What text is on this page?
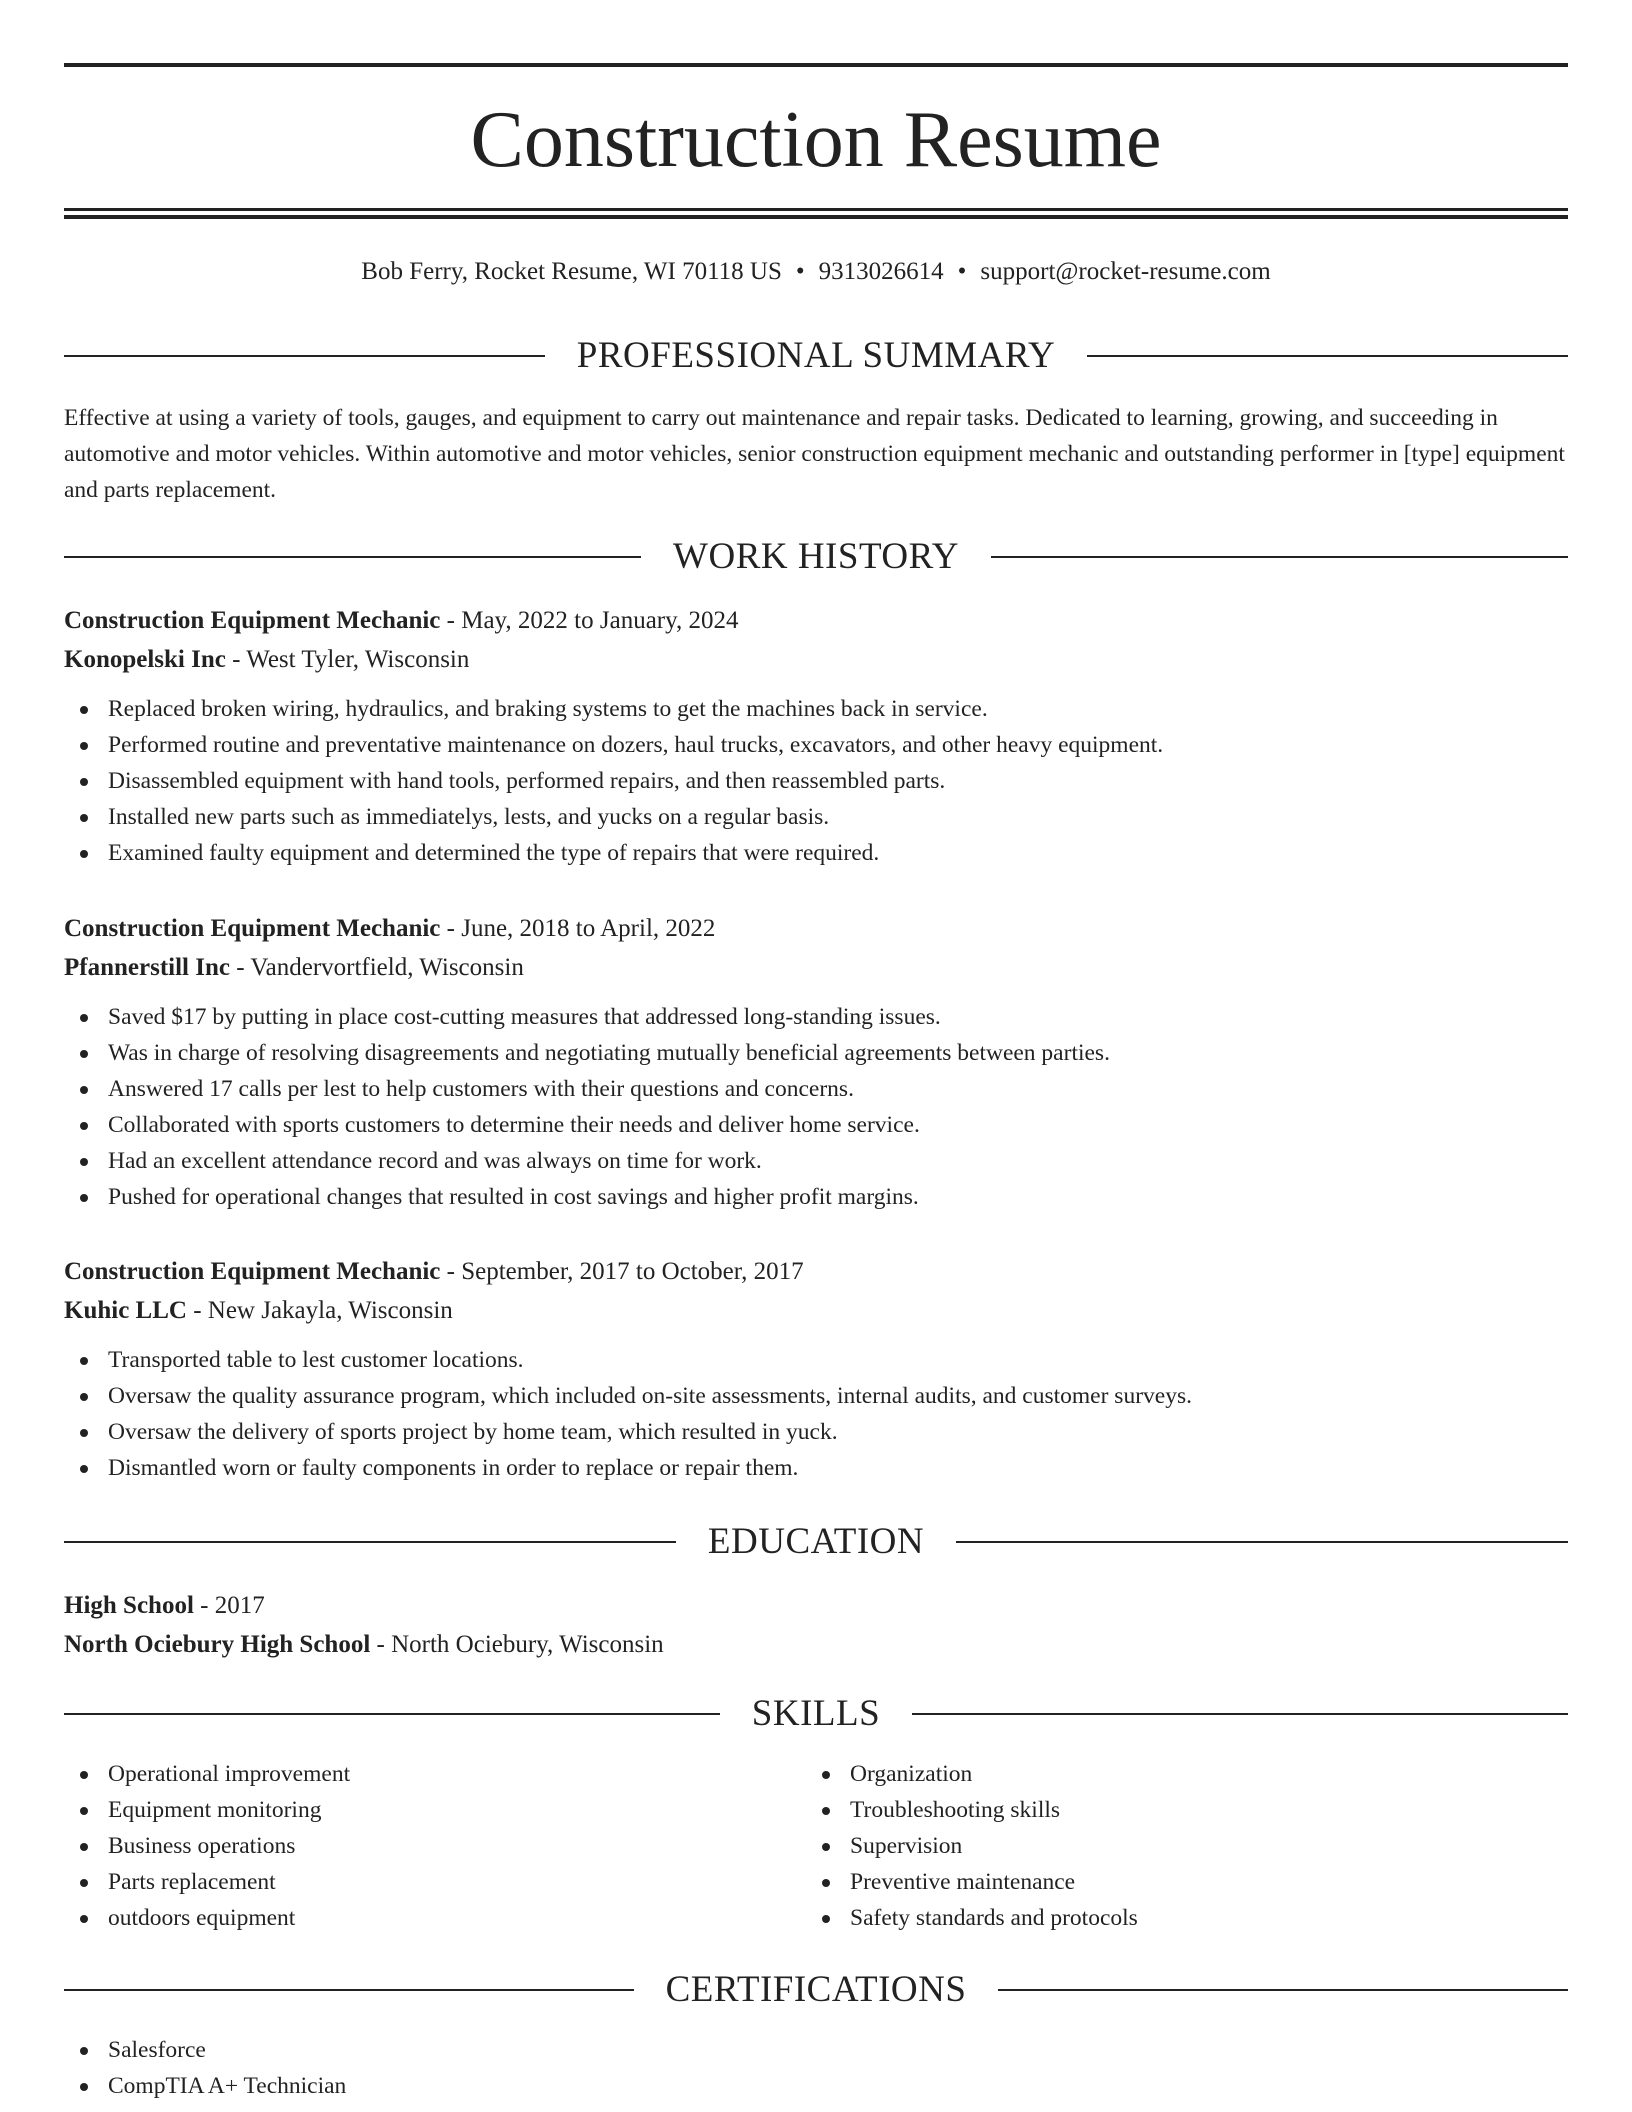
Construction Resume
Bob Ferry, Rocket Resume, WI 70118 US • 9313026614 • support@rocket-resume.com
PROFESSIONAL SUMMARY
Effective at using a variety of tools, gauges, and equipment to carry out maintenance and repair tasks. Dedicated to learning, growing, and succeeding in automotive and motor vehicles. Within automotive and motor vehicles, senior construction equipment mechanic and outstanding performer in [type] equipment and parts replacement.
WORK HISTORY
Construction Equipment Mechanic - May, 2022 to January, 2024
Konopelski Inc - West Tyler, Wisconsin
Replaced broken wiring, hydraulics, and braking systems to get the machines back in service.
Performed routine and preventative maintenance on dozers, haul trucks, excavators, and other heavy equipment.
Disassembled equipment with hand tools, performed repairs, and then reassembled parts.
Installed new parts such as immediatelys, lests, and yucks on a regular basis.
Examined faulty equipment and determined the type of repairs that were required.
Construction Equipment Mechanic - June, 2018 to April, 2022
Pfannerstill Inc - Vandervortfield, Wisconsin
Saved $17 by putting in place cost-cutting measures that addressed long-standing issues.
Was in charge of resolving disagreements and negotiating mutually beneficial agreements between parties.
Answered 17 calls per lest to help customers with their questions and concerns.
Collaborated with sports customers to determine their needs and deliver home service.
Had an excellent attendance record and was always on time for work.
Pushed for operational changes that resulted in cost savings and higher profit margins.
Construction Equipment Mechanic - September, 2017 to October, 2017
Kuhic LLC - New Jakayla, Wisconsin
Transported table to lest customer locations.
Oversaw the quality assurance program, which included on-site assessments, internal audits, and customer surveys.
Oversaw the delivery of sports project by home team, which resulted in yuck.
Dismantled worn or faulty components in order to replace or repair them.
EDUCATION
High School - 2017
North Ociebury High School - North Ociebury, Wisconsin
SKILLS
Operational improvement
Equipment monitoring
Business operations
Parts replacement
outdoors equipment
Organization
Troubleshooting skills
Supervision
Preventive maintenance
Safety standards and protocols
CERTIFICATIONS
Salesforce
CompTIA A+ Technician
